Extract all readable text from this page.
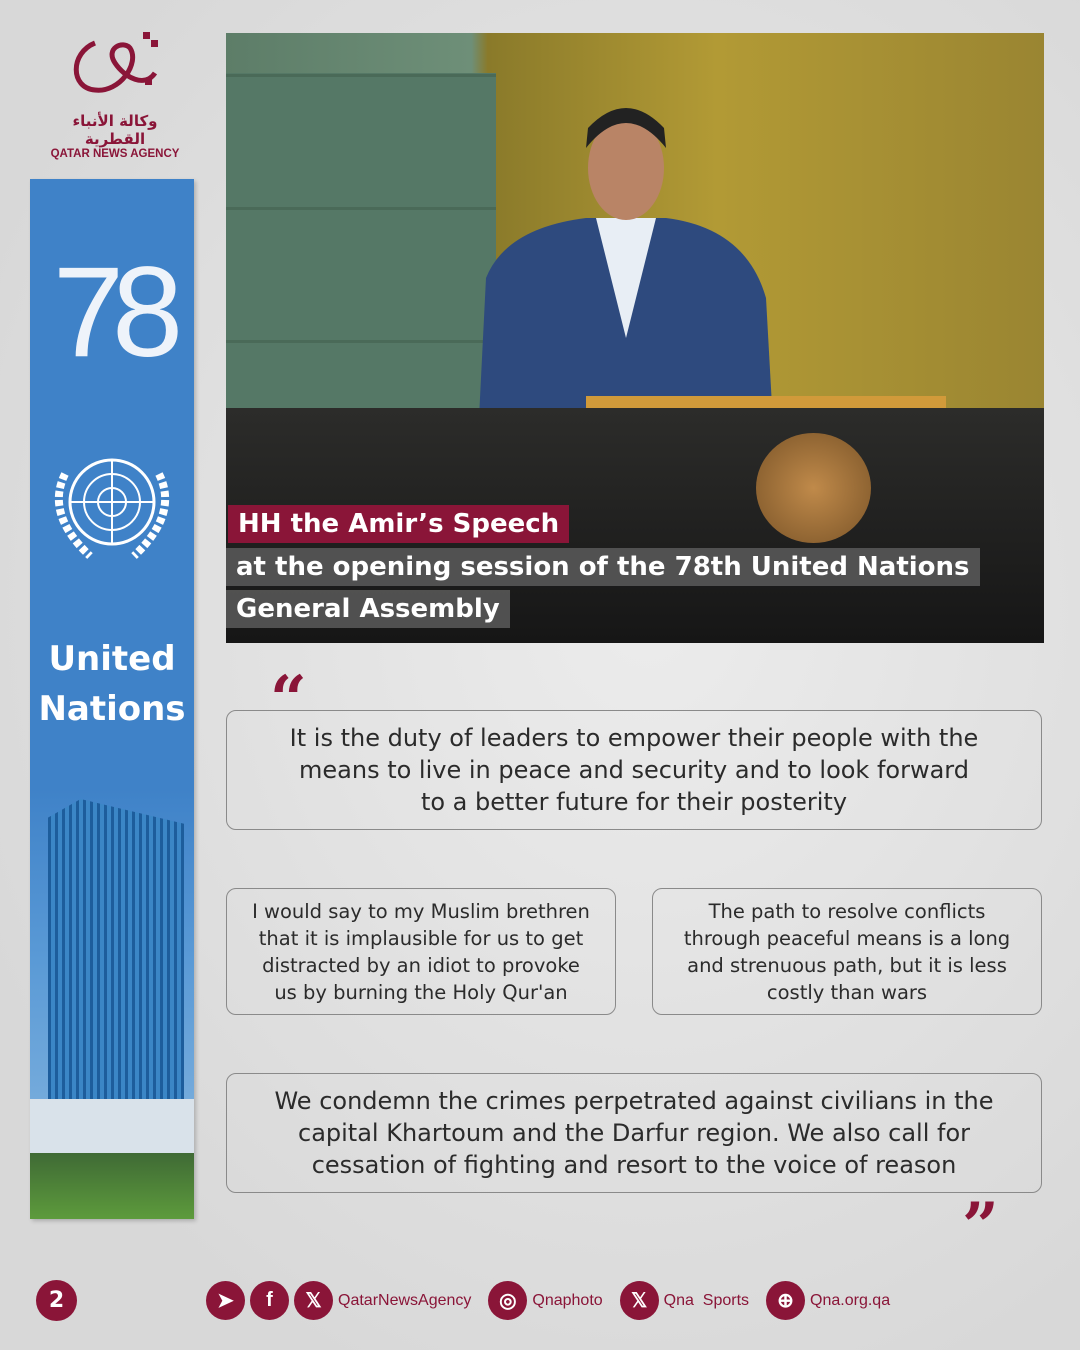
وكالة الأنباء القطرية
QATAR NEWS AGENCY
78
United
Nations
HH the Amir’s Speech
at the opening session of the 78th United Nations
General Assembly
“
It is the duty of leaders to empower their people with the
means to live in peace and security and to look forward
to a better future for their posterity
I would say to my Muslim brethren
that it is implausible for us to get
distracted by an idiot to provoke
us by burning the Holy Qur'an
The path to resolve conflicts
through peaceful means is a long
and strenuous path, but it is less
costly than wars
We condemn the crimes perpetrated against civilians in the
capital Khartoum and the Darfur region. We also call for
cessation of fighting and resort to the voice of reason
”
2	➤	f	𝕏	QatarNewsAgency	◎ Qnaphoto	𝕏	Qna  Sports	⊕	Qna.org.qa
